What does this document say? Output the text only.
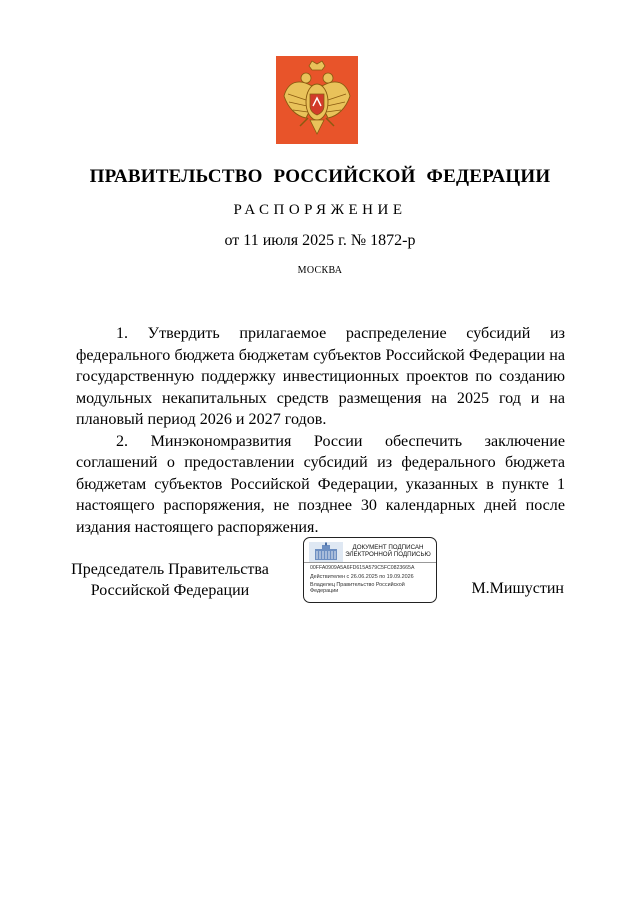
ПРАВИТЕЛЬСТВО РОССИЙСКОЙ ФЕДЕРАЦИИ
РАСПОРЯЖЕНИЕ
от 11 июля 2025 г. № 1872-р
МОСКВА

1. Утвердить прилагаемое распределение субсидий из федерального бюджета бюджетам субъектов Российской Федерации на государственную поддержку инвестиционных проектов по созданию модульных некапитальных средств размещения на 2025 год и на плановый период 2026 и 2027 годов.

2. Минэкономразвития России обеспечить заключение соглашений о предоставлении субсидий из федерального бюджета бюджетам субъектов Российской Федерации, указанных в пункте 1 настоящего распоряжения, не позднее 30 календарных дней после издания настоящего распоряжения.

Председатель Правительства
Российской Федерации
ДОКУМЕНТ ПОДПИСАН
ЭЛЕКТРОННОЙ ПОДПИСЬЮ
00FFA0909A5A6FD615A579C5FC0823665A
Действителен с 26.06.2025 по 19.09.2026
Владелец Правительство Российской Федерации	М.Мишустин
